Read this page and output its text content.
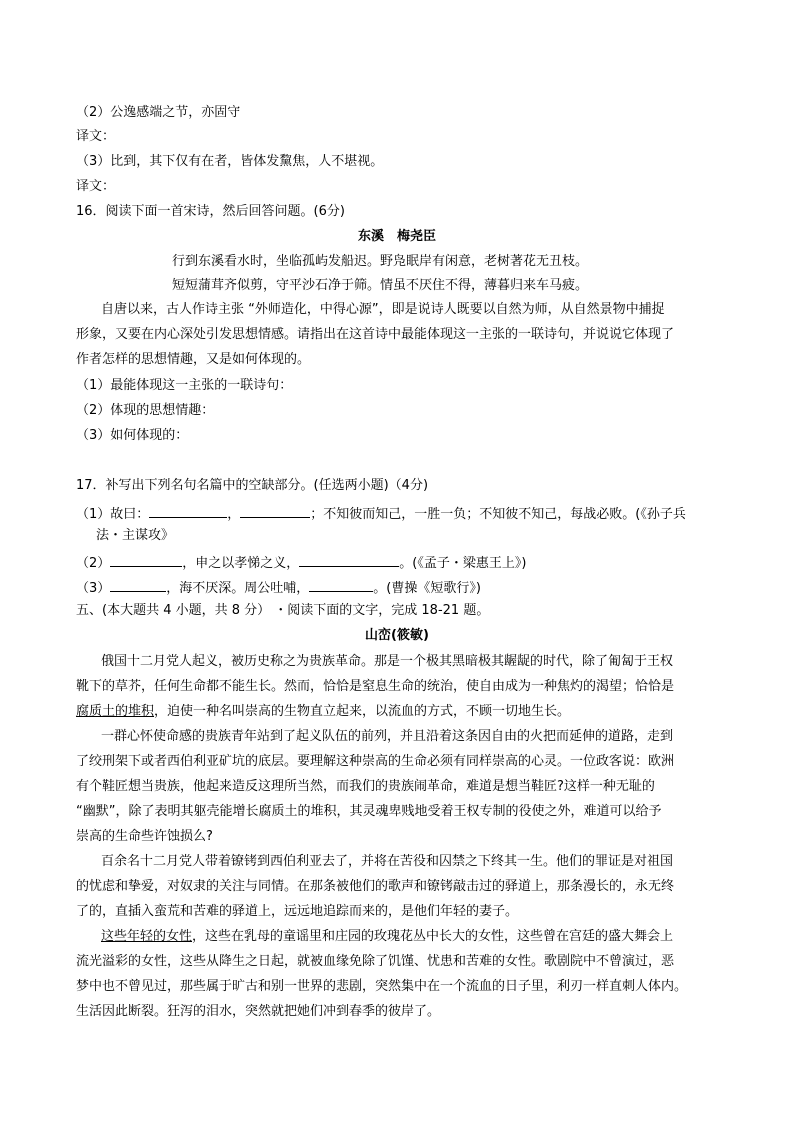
（2）公逸感端之节，亦固守
译文：
（3）比到，其下仅有在者，皆体发黧焦，人不堪视。
译文：
16．阅读下面一首宋诗，然后回答问题。(6分)
东溪　梅尧臣
行到东溪看水时，坐临孤屿发船迟。野凫眠岸有闲意，老树著花无丑枝。
短短蒲茸齐似剪，守平沙石净于筛。情虽不厌住不得，薄暮归来车马疲。
自唐以来，古人作诗主张 “外师造化，中得心源”，即是说诗人既要以自然为师，从自然景物中捕捉
形象，又要在内心深处引发思想情感。请指出在这首诗中最能体现这一主张的一联诗句，并说说它体现了
作者怎样的思想情趣，又是如何体现的。
（1）最能体现这一主张的一联诗句：
（2）体现的思想情趣：
（3）如何体现的：
17．补写出下列名句名篇中的空缺部分。(任选两小题)（4分)
（1）故曰：	，	；不知彼而知己，一胜一负；不知彼不知己，每战必败。(《孙子兵
法・主谋攻》
（2）	，申之以孝悌之义，	。(《孟子・梁惠王上》)
（3）	，海不厌深。周公吐哺，	。(曹操《短歌行》)
五、(本大题共 4 小题，共 8 分） ・阅读下面的文字，完成 18-21 题。
山峦(筱敏)
俄国十二月党人起义，被历史称之为贵族革命。那是一个极其黑暗极其龌龊的时代，除了匍匐于王权
靴下的草芥，任何生命都不能生长。然而，恰恰是窒息生命的统治，使自由成为一种焦灼的渴望；恰恰是
腐质土的堆积，迫使一种名叫崇高的生物直立起来，以流血的方式，不顾一切地生长。
一群心怀使命感的贵族青年站到了起义队伍的前列，并且沿着这条因自由的火把而延伸的道路，走到
了绞刑架下或者西伯利亚矿坑的底层。要理解这种崇高的生命必须有同样崇高的心灵。一位政客说：欧洲
有个鞋匠想当贵族，他起来造反这理所当然，而我们的贵族闹革命，难道是想当鞋匠?这样一种无耻的
“幽默”，除了表明其躯壳能增长腐质土的堆积，其灵魂卑贱地受着王权专制的役使之外，难道可以给予
崇高的生命些许蚀损么?
百余名十二月党人带着镣铐到西伯利亚去了，并将在苦役和囚禁之下终其一生。他们的罪证是对祖国
的忧虑和挚爱，对奴隶的关注与同情。在那条被他们的歌声和镣铐敲击过的驿道上，那条漫长的，永无终
了的，直插入蛮荒和苦难的驿道上，远远地追踪而来的，是他们年轻的妻子。
这些年轻的女性，这些在乳母的童谣里和庄园的玫瑰花丛中长大的女性，这些曾在宫廷的盛大舞会上
流光溢彩的女性，这些从降生之日起，就被血缘免除了饥馑、忧患和苦难的女性。歌剧院中不曾演过，恶
梦中也不曾见过，那些属于旷古和别一世界的悲剧，突然集中在一个流血的日子里，利刃一样直刺人体内。
生活因此断裂。狂泻的泪水，突然就把她们冲到春季的彼岸了。
